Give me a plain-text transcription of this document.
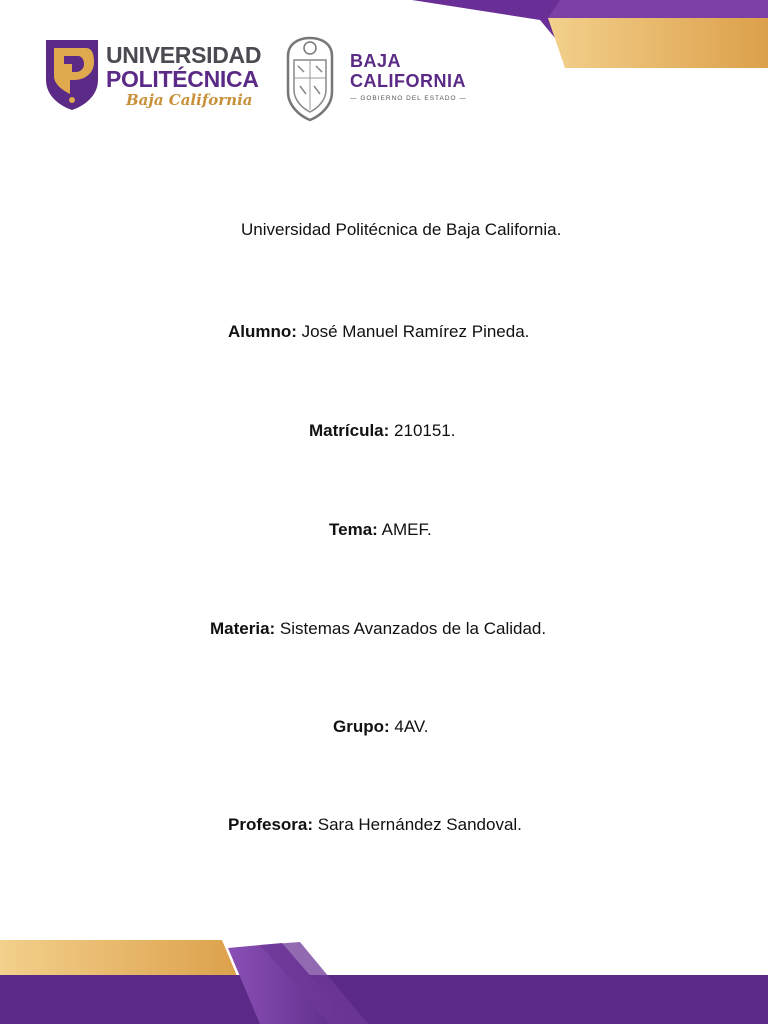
UNIVERSIDAD
POLITÉCNICA
Baja California
BAJA
CALIFORNIA
— GOBIERNO DEL ESTADO —
Universidad Politécnica de Baja California.
Alumno: José Manuel Ramírez Pineda.
Matrícula: 210151.
Tema: AMEF.
Materia: Sistemas Avanzados de la Calidad.
Grupo: 4AV.
Profesora: Sara Hernández Sandoval.
